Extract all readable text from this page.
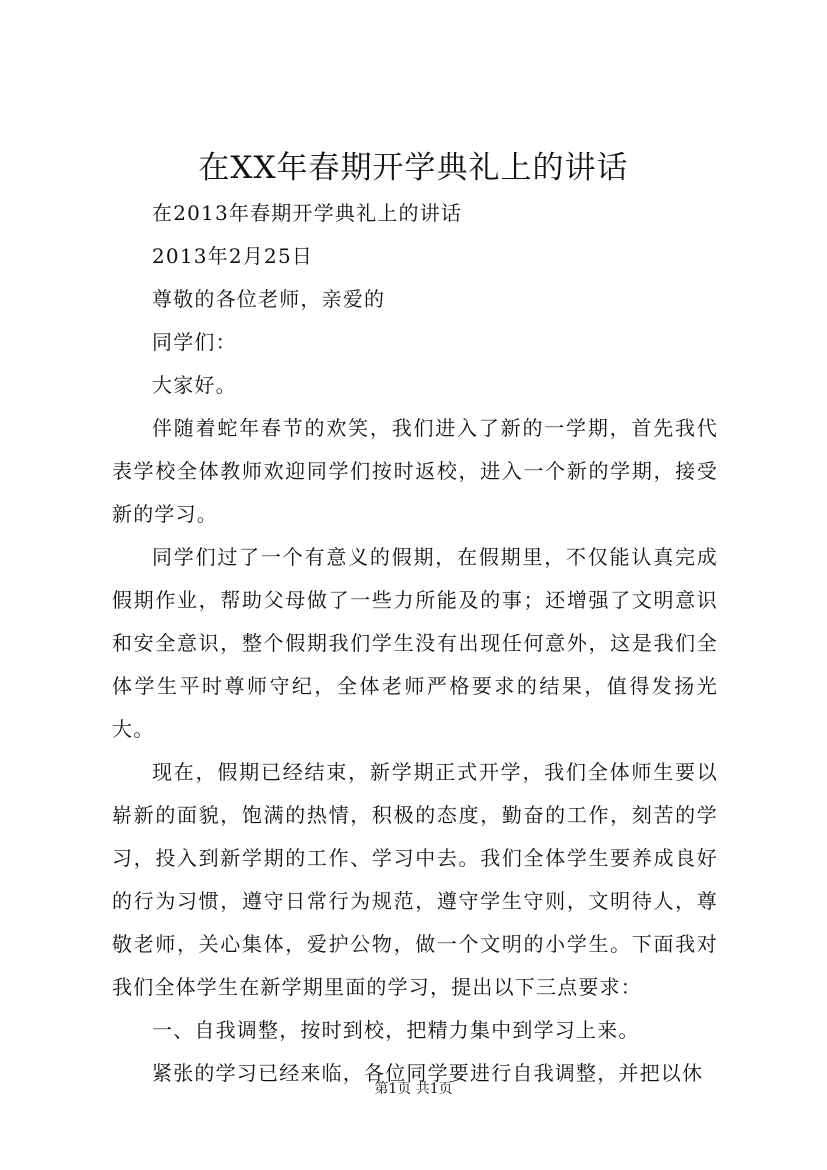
在XX年春期开学典礼上的讲话

在2013年春期开学典礼上的讲话

2013年2月25日

尊敬的各位老师，亲爱的

同学们：

大家好。

伴随着蛇年春节的欢笑，我们进入了新的一学期，首先我代表学校全体教师欢迎同学们按时返校，进入一个新的学期，接受新的学习。

同学们过了一个有意义的假期，在假期里，不仅能认真完成假期作业，帮助父母做了一些力所能及的事；还增强了文明意识和安全意识，整个假期我们学生没有出现任何意外，这是我们全体学生平时尊师守纪，全体老师严格要求的结果，值得发扬光大。

现在，假期已经结束，新学期正式开学，我们全体师生要以崭新的面貌，饱满的热情，积极的态度，勤奋的工作，刻苦的学习，投入到新学期的工作、学习中去。我们全体学生要养成良好的行为习惯，遵守日常行为规范，遵守学生守则，文明待人，尊敬老师，关心集体，爱护公物，做一个文明的小学生。下面我对我们全体学生在新学期里面的学习，提出以下三点要求：

一、自我调整，按时到校，把精力集中到学习上来。

紧张的学习已经来临，各位同学要进行自我调整，并把以休

第1页 共1页
